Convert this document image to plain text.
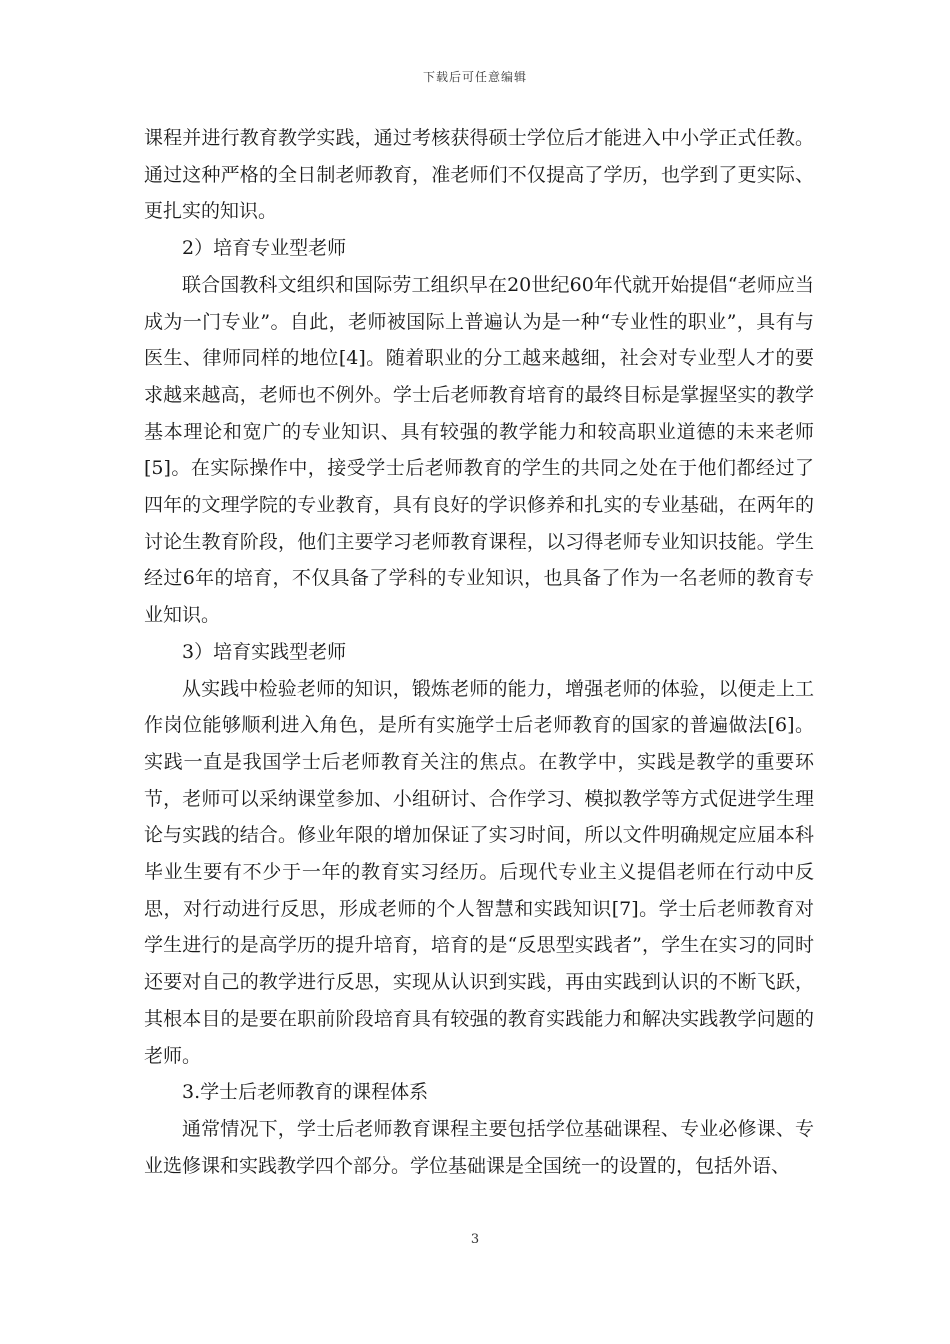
下载后可任意编辑

课程并进行教育教学实践，通过考核获得硕士学位后才能进入中小学正式任教。通过这种严格的全日制老师教育，准老师们不仅提高了学历，也学到了更实际、更扎实的知识。

2）培育专业型老师

联合国教科文组织和国际劳工组织早在20世纪60年代就开始提倡“老师应当成为一门专业”。自此，老师被国际上普遍认为是一种“专业性的职业”，具有与医生、律师同样的地位[4]。随着职业的分工越来越细，社会对专业型人才的要求越来越高，老师也不例外。学士后老师教育培育的最终目标是掌握坚实的教学基本理论和宽广的专业知识、具有较强的教学能力和较高职业道德的未来老师[5]。在实际操作中，接受学士后老师教育的学生的共同之处在于他们都经过了四年的文理学院的专业教育，具有良好的学识修养和扎实的专业基础，在两年的讨论生教育阶段，他们主要学习老师教育课程，以习得老师专业知识技能。学生经过6年的培育，不仅具备了学科的专业知识，也具备了作为一名老师的教育专业知识。

3）培育实践型老师

从实践中检验老师的知识，锻炼老师的能力，增强老师的体验，以便走上工作岗位能够顺利进入角色，是所有实施学士后老师教育的国家的普遍做法[6]。实践一直是我国学士后老师教育关注的焦点。在教学中，实践是教学的重要环节，老师可以采纳课堂参加、小组研讨、合作学习、模拟教学等方式促进学生理论与实践的结合。修业年限的增加保证了实习时间，所以文件明确规定应届本科毕业生要有不少于一年的教育实习经历。后现代专业主义提倡老师在行动中反思，对行动进行反思，形成老师的个人智慧和实践知识[7]。学士后老师教育对学生进行的是高学历的提升培育，培育的是“反思型实践者”，学生在实习的同时还要对自己的教学进行反思，实现从认识到实践，再由实践到认识的不断飞跃，其根本目的是要在职前阶段培育具有较强的教育实践能力和解决实践教学问题的老师。

3.学士后老师教育的课程体系

通常情况下，学士后老师教育课程主要包括学位基础课程、专业必修课、专业选修课和实践教学四个部分。学位基础课是全国统一的设置的，包括外语、

3
